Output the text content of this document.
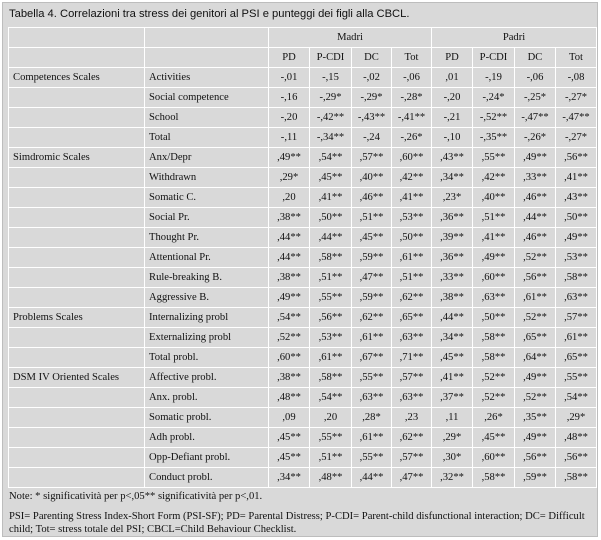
Tabella 4. Correlazioni tra stress dei genitori al PSI e punteggi dei figli alla CBCL.
		Madri				Padri			
		PD	P-CDI	DC	Tot	PD	P-CDI	DC	Tot
Competences Scales	Activities	-,01	-,15	-,02	-,06	,01	-,19	-,06	-,08
	Social competence	-,16	-,29*	-,29*	-,28*	-,20	-,24*	-,25*	-,27*
	School	-,20	-,42**	-,43**	-,41**	-,21	-,52**	-,47**	-,47**
	Total	-,11	-,34**	-,24	-,26*	-,10	-,35**	-,26*	-,27*
Simdromic Scales	Anx/Depr	,49**	,54**	,57**	,60**	,43**	,55**	,49**	,56**
	Withdrawn	,29*	,45**	,40**	,42**	,34**	,42**	,33**	,41**
	Somatic C.	,20	,41**	,46**	,41**	,23*	,40**	,46**	,43**
	Social Pr.	,38**	,50**	,51**	,53**	,36**	,51**	,44**	,50**
	Thought Pr.	,44**	,44**	,45**	,50**	,39**	,41**	,46**	,49**
	Attentional Pr.	,44**	,58**	,59**	,61**	,36**	,49**	,52**	,53**
	Rule-breaking B.	,38**	,51**	,47**	,51**	,33**	,60**	,56**	,58**
	Aggressive B.	,49**	,55**	,59**	,62**	,38**	,63**	,61**	,63**
Problems Scales	Internalizing probl	,54**	,56**	,62**	,65**	,44**	,50**	,52**	,57**
	Externalizing probl	,52**	,53**	,61**	,63**	,34**	,58**	,65**	,61**
	Total probl.	,60**	,61**	,67**	,71**	,45**	,58**	,64**	,65**
DSM IV Oriented Scales	Affective probl.	,38**	,58**	,55**	,57**	,41**	,52**	,49**	,55**
	Anx. probl.	,48**	,54**	,63**	,63**	,37**	,52**	,52**	,54**
	Somatic probl.	,09	,20	,28*	,23	,11	,26*	,35**	,29*
	Adh probl.	,45**	,55**	,61**	,62**	,29*	,45**	,49**	,48**
	Opp-Defiant probl.	,45**	,51**	,55**	,57**	,30*	,60**	,56**	,56**
	Conduct probl.	,34**	,48**	,44**	,47**	,32**	,58**	,59**	,58**
Note: * significatività per p<,05** significatività per p<,01.
PSI= Parenting Stress Index-Short Form (PSI-SF); PD= Parental Distress; P-CDI= Parent-child disfunctional interaction; DC= Difficult child; Tot= stress totale del PSI; CBCL=Child Behaviour Checklist.
